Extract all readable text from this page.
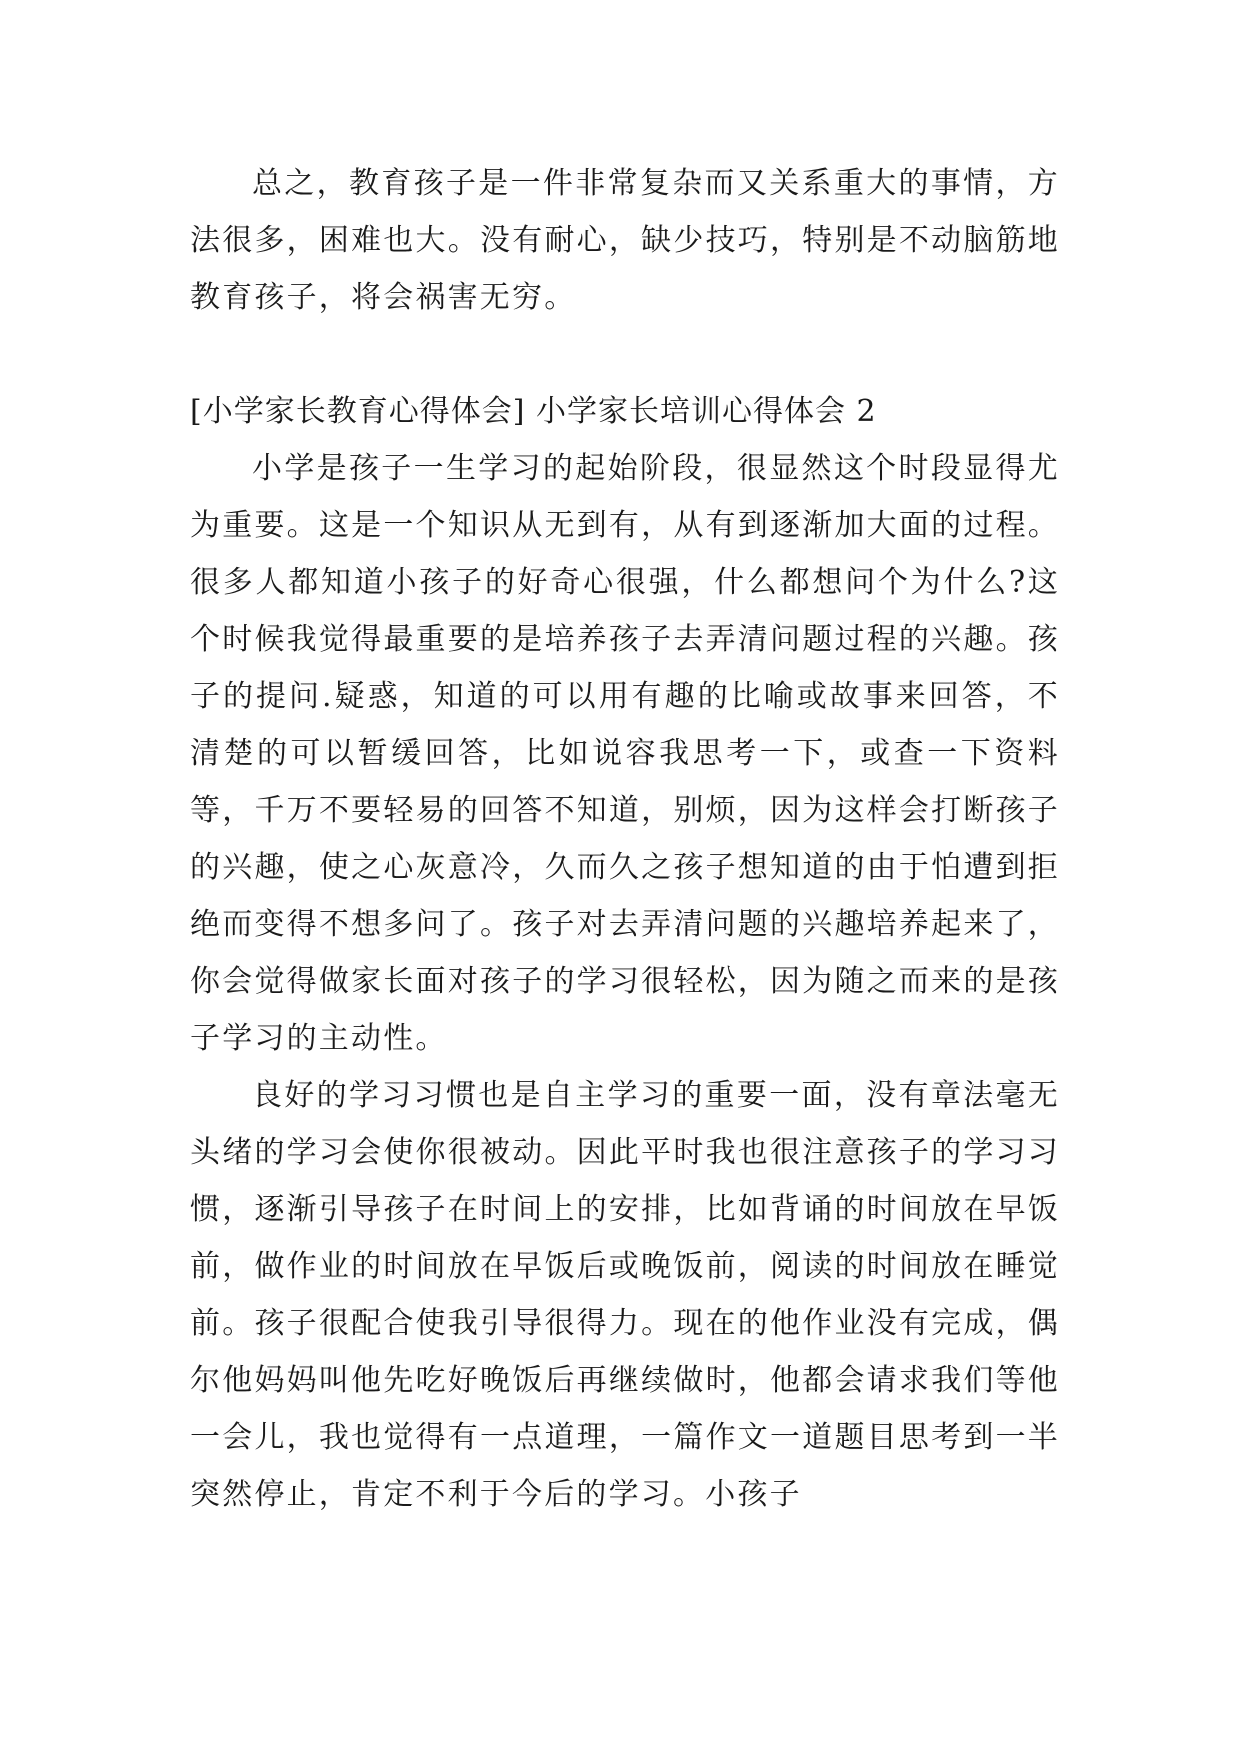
总之，教育孩子是一件非常复杂而又关系重大的事情，方法很多，困难也大。没有耐心，缺少技巧，特别是不动脑筋地教育孩子，将会祸害无穷。

[小学家长教育心得体会] 小学家长培训心得体会 2

小学是孩子一生学习的起始阶段，很显然这个时段显得尤为重要。这是一个知识从无到有，从有到逐渐加大面的过程。很多人都知道小孩子的好奇心很强，什么都想问个为什么?这个时候我觉得最重要的是培养孩子去弄清问题过程的兴趣。孩子的提问.疑惑，知道的可以用有趣的比喻或故事来回答，不清楚的可以暂缓回答，比如说容我思考一下，或查一下资料等，千万不要轻易的回答不知道，别烦，因为这样会打断孩子的兴趣，使之心灰意冷，久而久之孩子想知道的由于怕遭到拒绝而变得不想多问了。孩子对去弄清问题的兴趣培养起来了，你会觉得做家长面对孩子的学习很轻松，因为随之而来的是孩子学习的主动性。

良好的学习习惯也是自主学习的重要一面，没有章法毫无头绪的学习会使你很被动。因此平时我也很注意孩子的学习习惯，逐渐引导孩子在时间上的安排，比如背诵的时间放在早饭前，做作业的时间放在早饭后或晚饭前，阅读的时间放在睡觉前。孩子很配合使我引导很得力。现在的他作业没有完成，偶尔他妈妈叫他先吃好晚饭后再继续做时，他都会请求我们等他一会儿，我也觉得有一点道理，一篇作文一道题目思考到一半突然停止，肯定不利于今后的学习。小孩子
